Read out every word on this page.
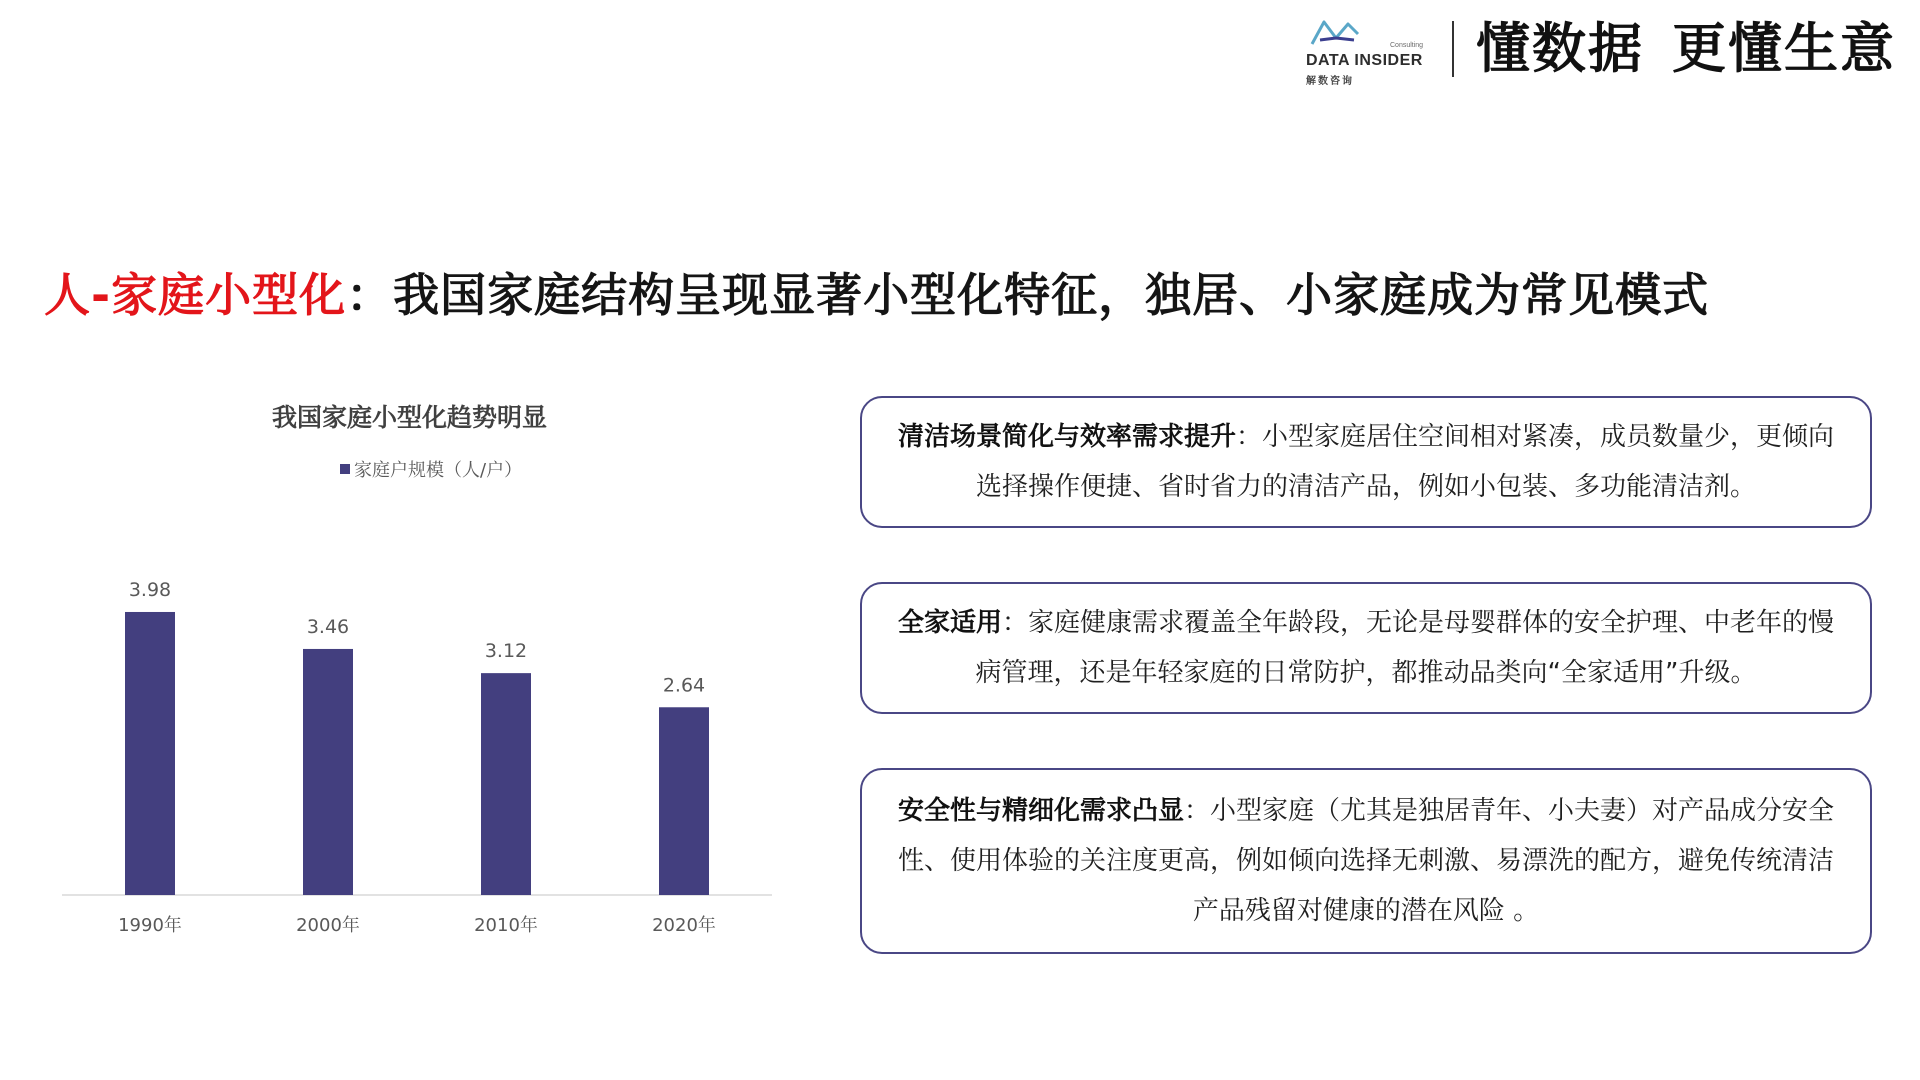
Consulting
DATA INSIDER
解数咨询
懂数据 更懂生意
人-家庭小型化：我国家庭结构呈现显著小型化特征，独居、小家庭成为常见模式
我国家庭小型化趋势明显
家庭户规模（人/户）
3.98
1990年
3.46
2000年
3.12
2010年
2.64
2020年
清洁场景简化与效率需求提升：小型家庭居住空间相对紧凑，成员数量少，更倾向选择操作便捷、省时省力的清洁产品，例如小包装、多功能清洁剂。
全家适用：家庭健康需求覆盖全年龄段，无论是母婴群体的安全护理、中老年的慢病管理，还是年轻家庭的日常防护，都推动品类向“全家适用”升级。
安全性与精细化需求凸显：小型家庭（尤其是独居青年、小夫妻）对产品成分安全性、使用体验的关注度更高，例如倾向选择无刺激、易漂洗的配方，避免传统清洁产品残留对健康的潜在风险 。
